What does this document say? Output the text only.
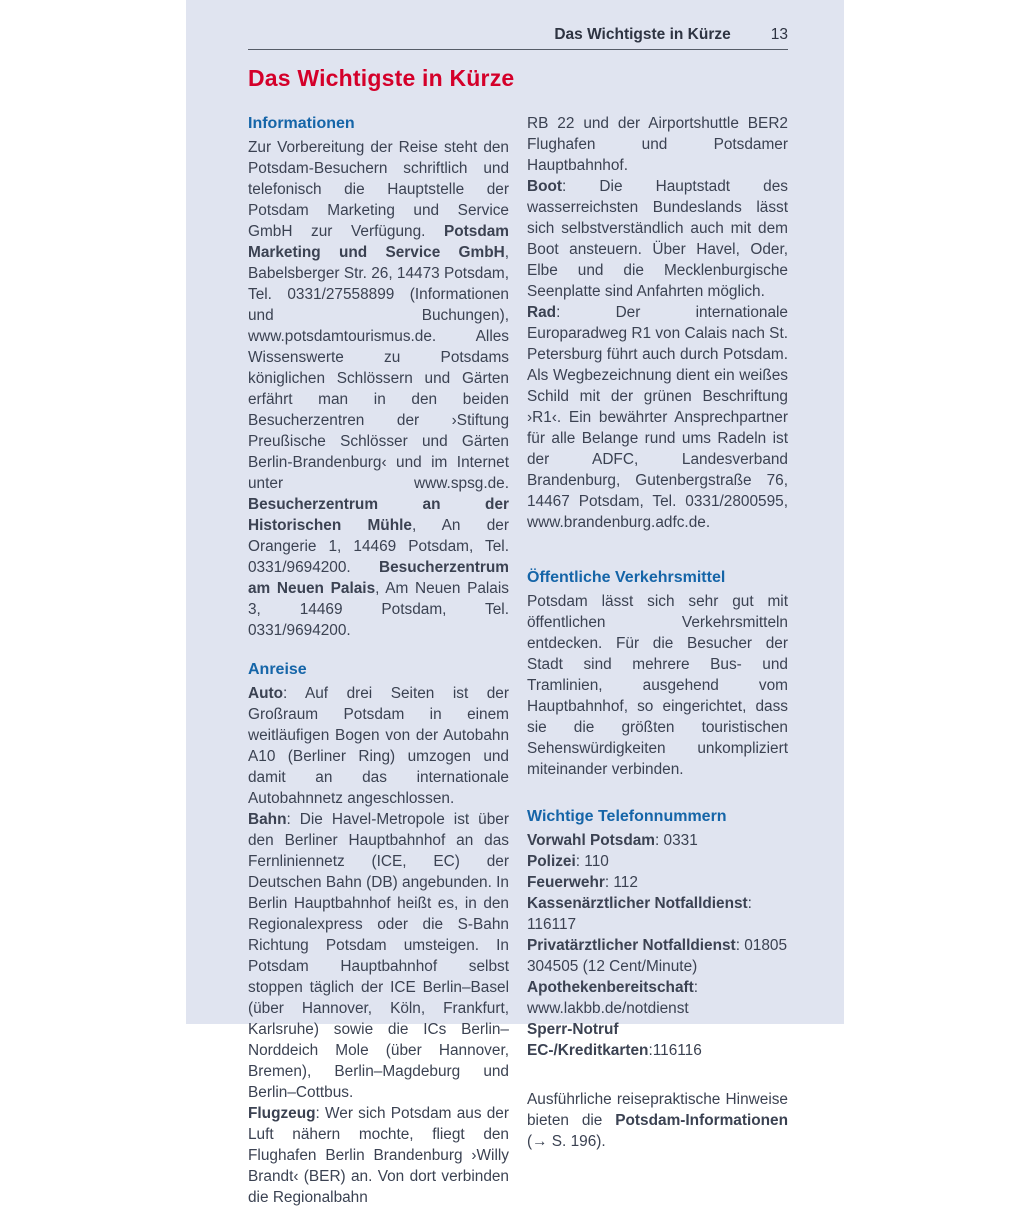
Das Wichtigste in Kürze	13
Das Wichtigste in Kürze
Informationen

Zur Vorbereitung der Reise steht den Potsdam-Besuchern schriftlich und telefonisch die Hauptstelle der Potsdam Marketing und Service GmbH zur Verfügung. Potsdam Marketing und Service GmbH, Babelsberger Str. 26, 14473 Potsdam, Tel. 0331/27558899 (Informationen und Buchungen), www.potsdamtourismus.de. Alles Wissenswerte zu Potsdams königlichen Schlössern und Gärten erfährt man in den beiden Besucherzentren der ›Stiftung Preußische Schlösser und Gärten Berlin-Brandenburg‹ und im Internet unter www.spsg.de. Besucherzentrum an der Historischen Mühle, An der Orangerie 1, 14469 Potsdam, Tel. 0331/9694200. Besucherzentrum am Neuen Palais, Am Neuen Palais 3, 14469 Potsdam, Tel. 0331/9694200.

Anreise

Auto: Auf drei Seiten ist der Großraum Potsdam in einem weitläufigen Bogen von der Autobahn A10 (Berliner Ring) umzogen und damit an das internationale Autobahnnetz angeschlossen.

Bahn: Die Havel-Metropole ist über den Berliner Hauptbahnhof an das Fernliniennetz (ICE, EC) der Deutschen Bahn (DB) angebunden. In Berlin Hauptbahnhof heißt es, in den Regionalexpress oder die S-Bahn Richtung Potsdam umsteigen. In Potsdam Hauptbahnhof selbst stoppen täglich der ICE Berlin–Basel (über Hannover, Köln, Frankfurt, Karlsruhe) sowie die ICs Berlin–Norddeich Mole (über Hannover, Bremen), Berlin–Magdeburg und Berlin–Cottbus.

Flugzeug: Wer sich Potsdam aus der Luft nähern mochte, fliegt den Flughafen Berlin Brandenburg ›Willy Brandt‹ (BER) an. Von dort verbinden die Regionalbahn

RB 22 und der Airportshuttle BER2 Flughafen und Potsdamer Hauptbahnhof.

Boot: Die Hauptstadt des wasserreichsten Bundeslands lässt sich selbstverständlich auch mit dem Boot ansteuern. Über Havel, Oder, Elbe und die Mecklenburgische Seenplatte sind Anfahrten möglich.

Rad: Der internationale Europaradweg R1 von Calais nach St. Petersburg führt auch durch Potsdam. Als Wegbezeichnung dient ein weißes Schild mit der grünen Beschriftung ›R1‹. Ein bewährter Ansprechpartner für alle Belange rund ums Radeln ist der ADFC, Landesverband Brandenburg, Gutenbergstraße 76, 14467 Potsdam, Tel. 0331/2800595, www.brandenburg.adfc.de.

Öffentliche Verkehrsmittel

Potsdam lässt sich sehr gut mit öffentlichen Verkehrsmitteln entdecken. Für die Besucher der Stadt sind mehrere Bus- und Tramlinien, ausgehend vom Hauptbahnhof, so eingerichtet, dass sie die größten touristischen Sehenswürdigkeiten unkompliziert miteinander verbinden.

Wichtige Telefonnummern

Vorwahl Potsdam: 0331

Polizei: 110

Feuerwehr: 112

Kassenärztlicher Notfalldienst: 116117

Privatärztlicher Notfalldienst: 01805 304505 (12 Cent/Minute)

Apothekenbereitschaft: www.lakbb.de/notdienst

Sperr-Notruf EC-/Kreditkarten:116116

Ausführliche reisepraktische Hinweise bieten die Potsdam-Informationen (→ S. 196).
